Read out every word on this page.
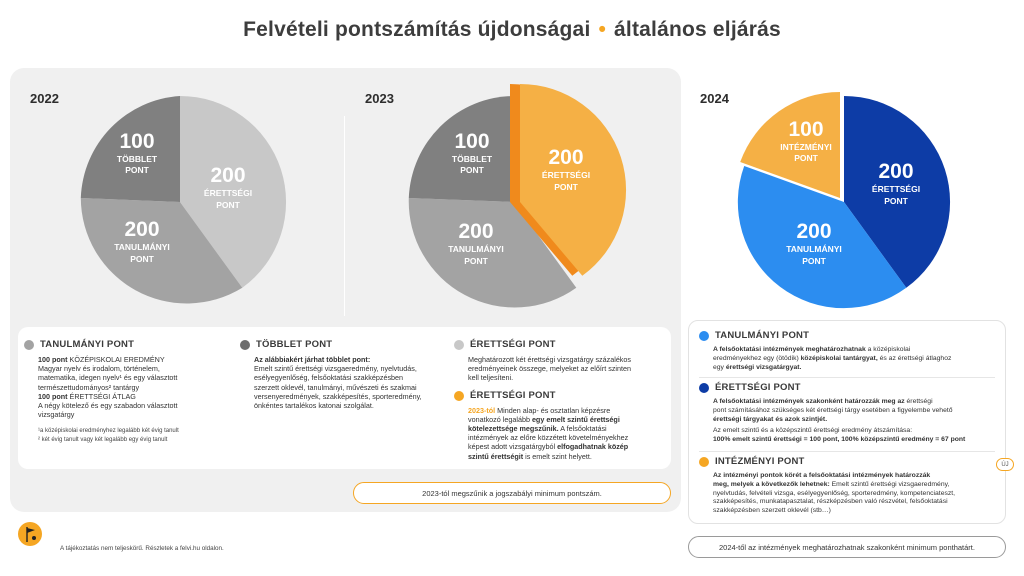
Felvételi pontszámítás újdonságai • általános eljárás
2022	2023	2024
100
TÖBBLET
PONT	200
ÉRETTSÉGI
PONT
200
TANULMÁNYI
PONT
100
TÖBBLET
PONT
200
ÉRETTSÉGI
PONT
200
TANULMÁNYI
PONT
100
INTÉZMÉNYI
PONT
200
ÉRETTSÉGI
PONT
200
TANULMÁNYI
PONT
TANULMÁNYI PONT

100 pont KÖZÉPISKOLAI EREDMÉNY

Magyar nyelv és irodalom, történelem,

matematika, idegen nyelv¹ és egy választott

természettudományos² tantárgy

100 pont ÉRETTSÉGI ÁTLAG

A négy kötelező és egy szabadon választott

vizsgatárgy

¹a középiskolai eredményhez legalább két évig tanult

² két évig tanult vagy két legalább egy évig tanult

TÖBBLET PONT

Az alábbiakért járhat többlet pont:

Emelt szintű érettségi vizsgaeredmény, nyelvtudás,

esélyegyenlőség, felsőoktatási szakképzésben

szerzett oklevél, tanulmányi, művészeti és szakmai

versenyeredmények, szakképesítés, sporteredmény,

önkéntes tartalékos katonai szolgálat.

ÉRETTSÉGI PONT

Meghatározott két érettségi vizsgatárgy százalékos

eredményeinek összege, melyeket az előírt szinten

kell teljesíteni.

ÉRETTSÉGI PONT

2023-tól Minden alap- és osztatlan képzésre

vonatkozó legalább egy emelt szintű érettségi

kötelezettsége megszűnik. A felsőoktatási

intézmények az előre közzétett követelményekhez

képest adott vizsgatárgyból elfogadhatnak közép

szintű érettségit is emelt szint helyett.

2023-tól megszűnik a jogszabályi minimum pontszám.
TANULMÁNYI PONT

A felsőoktatási intézmények meghatározhatnak a középiskolai

eredményekhez egy (ötödik) középiskolai tantárgyat, és az érettségi átlaghoz

egy érettségi vizsgatárgyat.

ÉRETTSÉGI PONT

A felsőoktatási intézmények szakonként határozzák meg az érettségi

pont számításához szükséges két érettségi tárgy esetében a figyelembe vehető

érettségi tárgyakat és azok szintjét.

Az emelt szintű és a középszintű érettségi eredmény átszámítása:

100% emelt szintű érettségi = 100 pont, 100% középszintű eredmény = 67 pont

INTÉZMÉNYI PONT

Az intézményi pontok körét a felsőoktatási intézmények határozzák

meg, melyek a következők lehetnek: Emelt szintű érettségi vizsgaeredmény,

nyelvtudás, felvételi vizsga, esélyegyenlőség, sporteredmény, kompetenciateszt,

szakképesítés, munkatapasztalat, részképzésben való részvétel, felsőoktatási

szakképzésben szerzett oklevél (stb…)

ÚJ
2024-től az intézmények meghatározhatnak szakonként minimum ponthatárt.
A tájékoztatás nem teljeskörű. Részletek a felvi.hu oldalon.
